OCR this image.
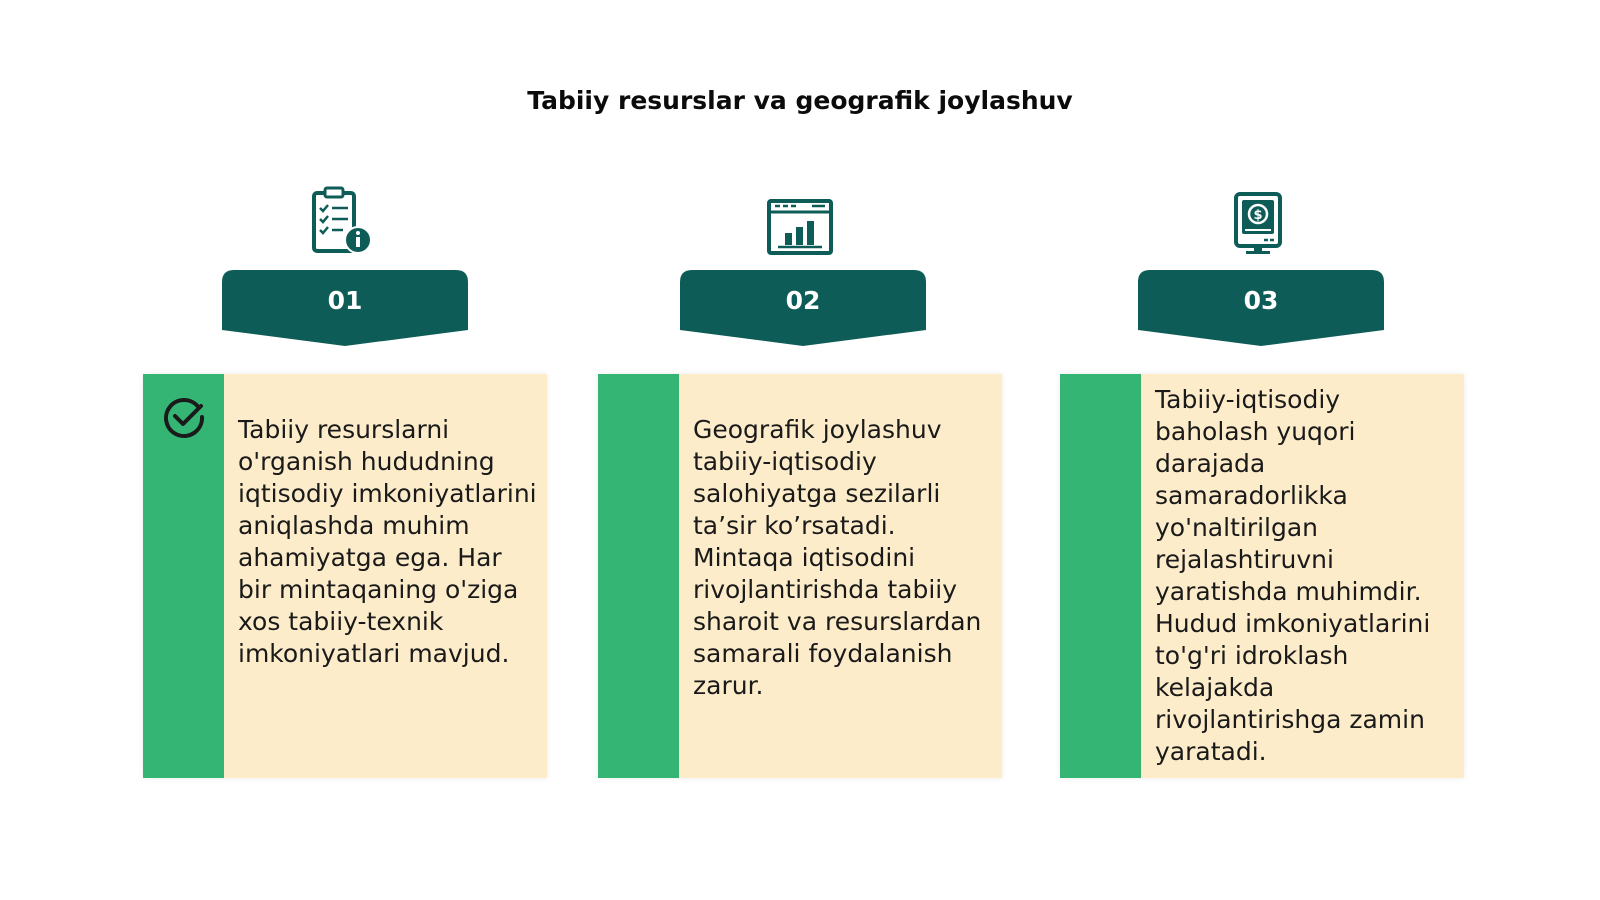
Tabiiy resurslar va geografik joylashuv
01
Tabiiy resurslarni o'rganish hududning iqtisodiy imkoniyatlarini aniqlashda muhim ahamiyatga ega. Har bir mintaqaning o'ziga xos tabiiy-texnik imkoniyatlari mavjud.
02
Geografik joylashuv tabiiy-iqtisodiy salohiyatga sezilarli ta’sir ko’rsatadi. Mintaqa iqtisodini rivojlantirishda tabiiy sharoit va resurslardan samarali foydalanish zarur.
$
03
Tabiiy-iqtisodiy baholash yuqori darajada samaradorlikka yo'naltirilgan rejalashtiruvni yaratishda muhimdir. Hudud imkoniyatlarini to'g'ri idroklash kelajakda rivojlantirishga zamin yaratadi.
